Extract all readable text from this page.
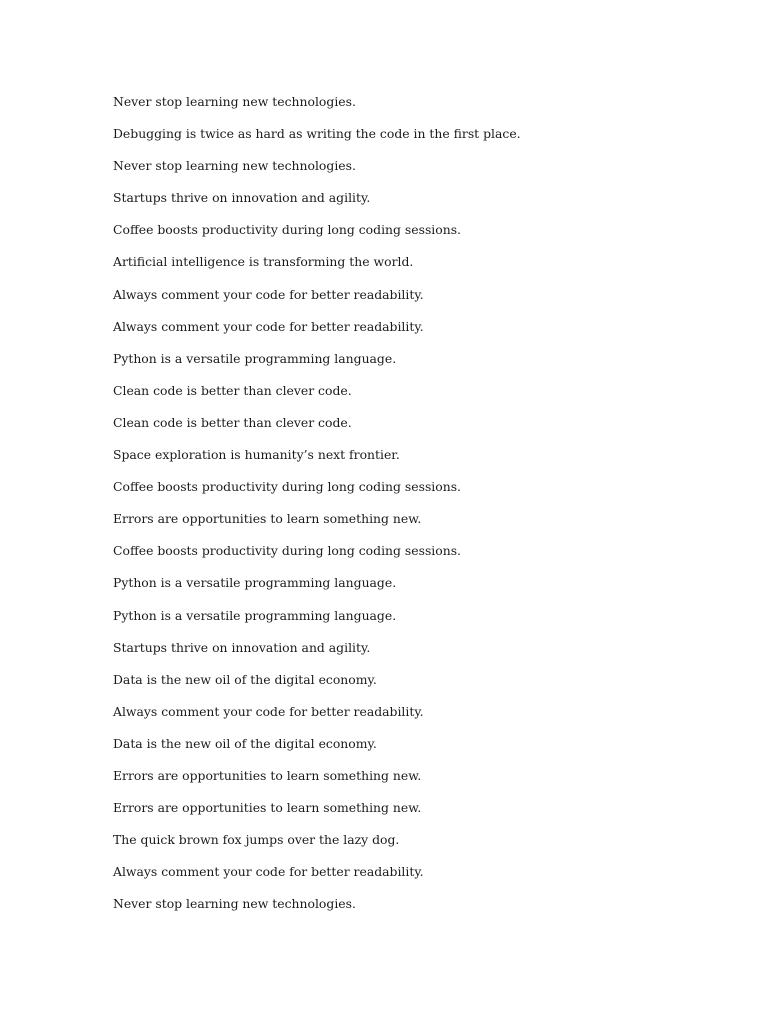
Never stop learning new technologies.
Debugging is twice as hard as writing the code in the first place.
Never stop learning new technologies.
Startups thrive on innovation and agility.
Coffee boosts productivity during long coding sessions.
Artificial intelligence is transforming the world.
Always comment your code for better readability.
Always comment your code for better readability.
Python is a versatile programming language.
Clean code is better than clever code.
Clean code is better than clever code.
Space exploration is humanity’s next frontier.
Coffee boosts productivity during long coding sessions.
Errors are opportunities to learn something new.
Coffee boosts productivity during long coding sessions.
Python is a versatile programming language.
Python is a versatile programming language.
Startups thrive on innovation and agility.
Data is the new oil of the digital economy.
Always comment your code for better readability.
Data is the new oil of the digital economy.
Errors are opportunities to learn something new.
Errors are opportunities to learn something new.
The quick brown fox jumps over the lazy dog.
Always comment your code for better readability.
Never stop learning new technologies.
